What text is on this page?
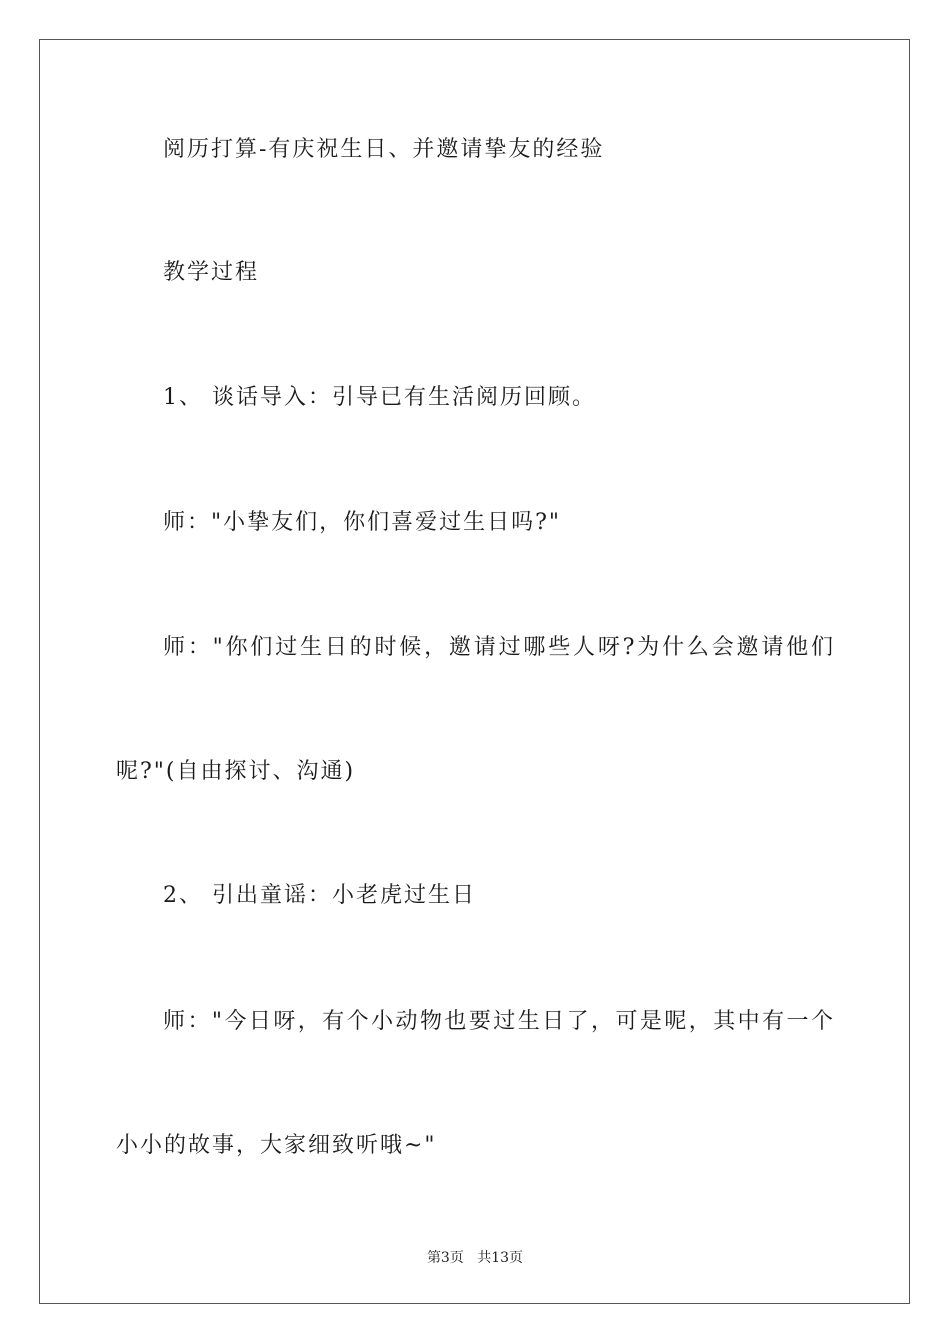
阅历打算-有庆祝生日、并邀请挚友的经验
教学过程
1、 谈话导入：引导已有生活阅历回顾。
师："小挚友们，你们喜爱过生日吗?"
师："你们过生日的时候，邀请过哪些人呀?为什么会邀请他们
呢?"(自由探讨、沟通)
2、 引出童谣：小老虎过生日
师："今日呀，有个小动物也要过生日了，可是呢，其中有一个
小小的故事，大家细致听哦~"
第3页 共13页
